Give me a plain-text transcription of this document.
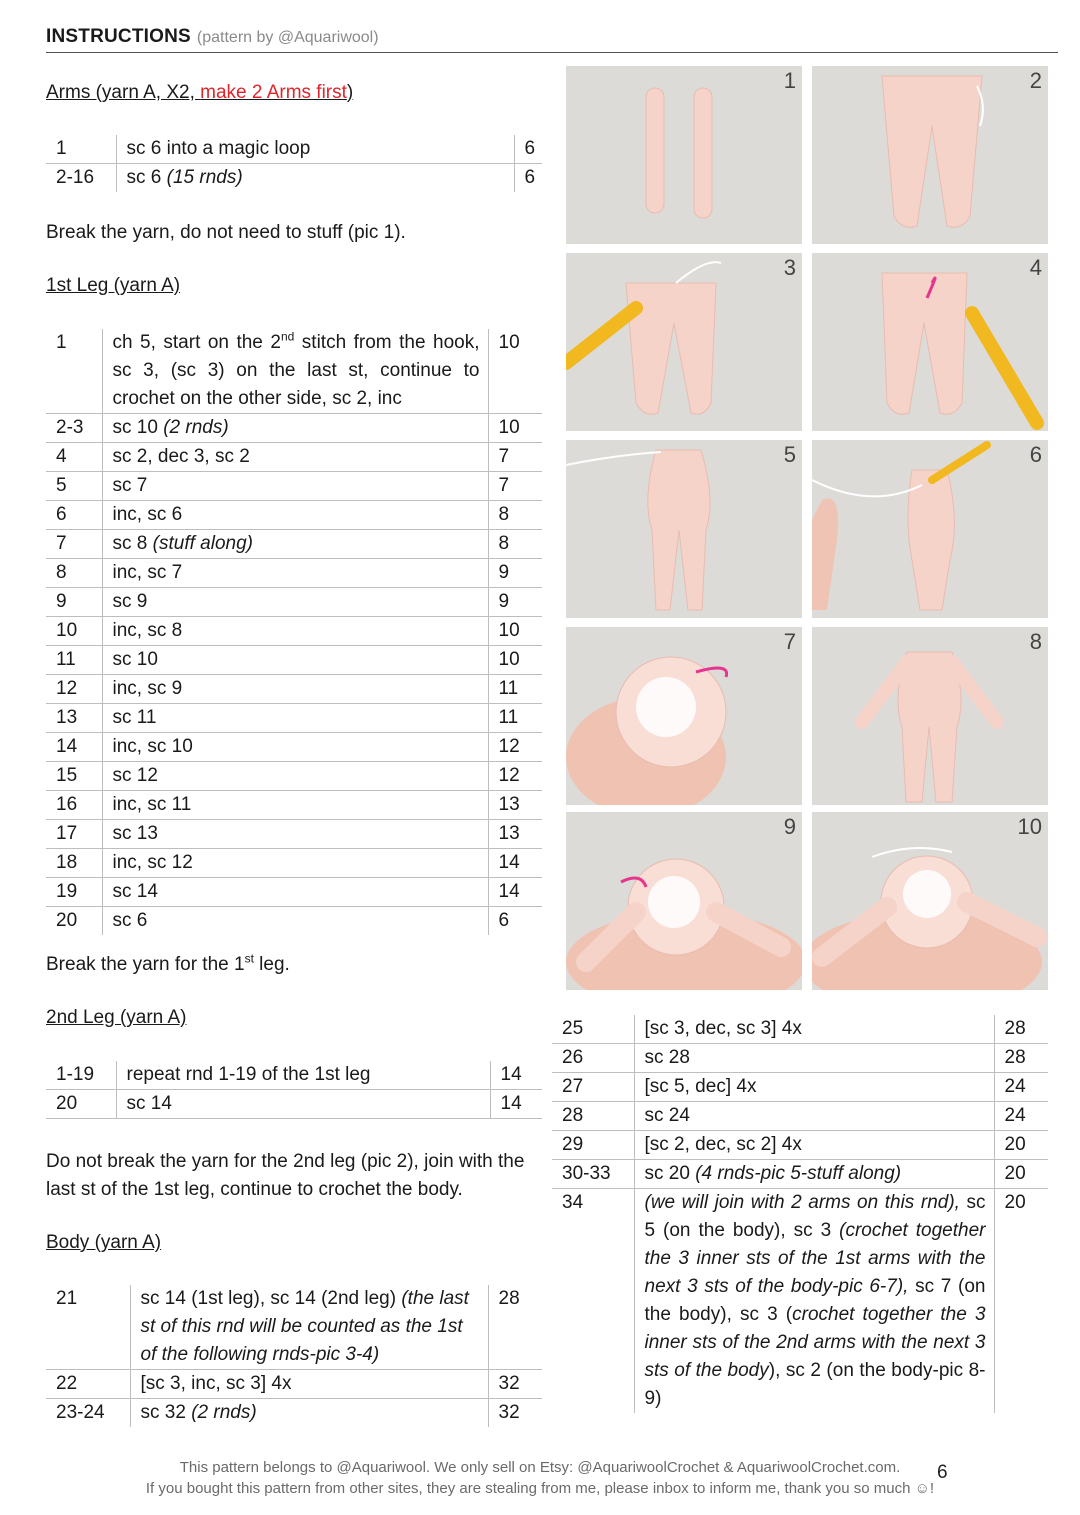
INSTRUCTIONS (pattern by @Aquariwool)
Arms (yarn A, X2, make 2 Arms first)
1	sc 6 into a magic loop	6
2-16	sc 6 (15 rnds)	6
Break the yarn, do not need to stuff (pic 1).
1st Leg (yarn A)
1	ch 5, start on the 2nd stitch from the hook, sc 3, (sc 3) on the last st, continue to crochet on the other side, sc 2, inc	10
2-3	sc 10 (2 rnds)	10
4	sc 2, dec 3, sc 2	7
5	sc 7	7
6	inc, sc 6	8
7	sc 8 (stuff along)	8
8	inc, sc 7	9
9	sc 9	9
10	inc, sc 8	10
11	sc 10	10
12	inc, sc 9	11
13	sc 11	11
14	inc, sc 10	12
15	sc 12	12
16	inc, sc 11	13
17	sc 13	13
18	inc, sc 12	14
19	sc 14	14
20	sc 6	6
Break the yarn for the 1st leg.
2nd Leg (yarn A)
1-19	repeat rnd 1-19 of the 1st leg	14
20	sc 14	14
Do not break the yarn for the 2nd leg (pic 2), join with the last st of the 1st leg, continue to crochet the body.
Body (yarn A)
21	sc 14 (1st leg), sc 14 (2nd leg) (the last st of this rnd will be counted as the 1st of the following rnds-pic 3-4)	28
22	[sc 3, inc, sc 3] 4x	32
23-24	sc 32 (2 rnds)	32
25	[sc 3, dec, sc 3] 4x	28
26	sc 28	28
27	[sc 5, dec] 4x	24
28	sc 24	24
29	[sc 2, dec, sc 2] 4x	20
30-33	sc 20 (4 rnds-pic 5-stuff along)	20
34	(we will join with 2 arms on this rnd), sc 5 (on the body), sc 3 (crochet together the 3 inner sts of the 1st arms with the next 3 sts of the body-pic 6-7), sc 7 (on the body), sc 3 (crochet together the 3 inner sts of the 2nd arms with the next 3 sts of the body), sc 2 (on the body-pic 8-9)	20
1	2
3	4
5	6
7	8
9	10
This pattern belongs to @Aquariwool. We only sell on Etsy: @AquariwoolCrochet & AquariwoolCrochet.com.
If you bought this pattern from other sites, they are stealing from me, please inbox to inform me, thank you so much ☺!
6
